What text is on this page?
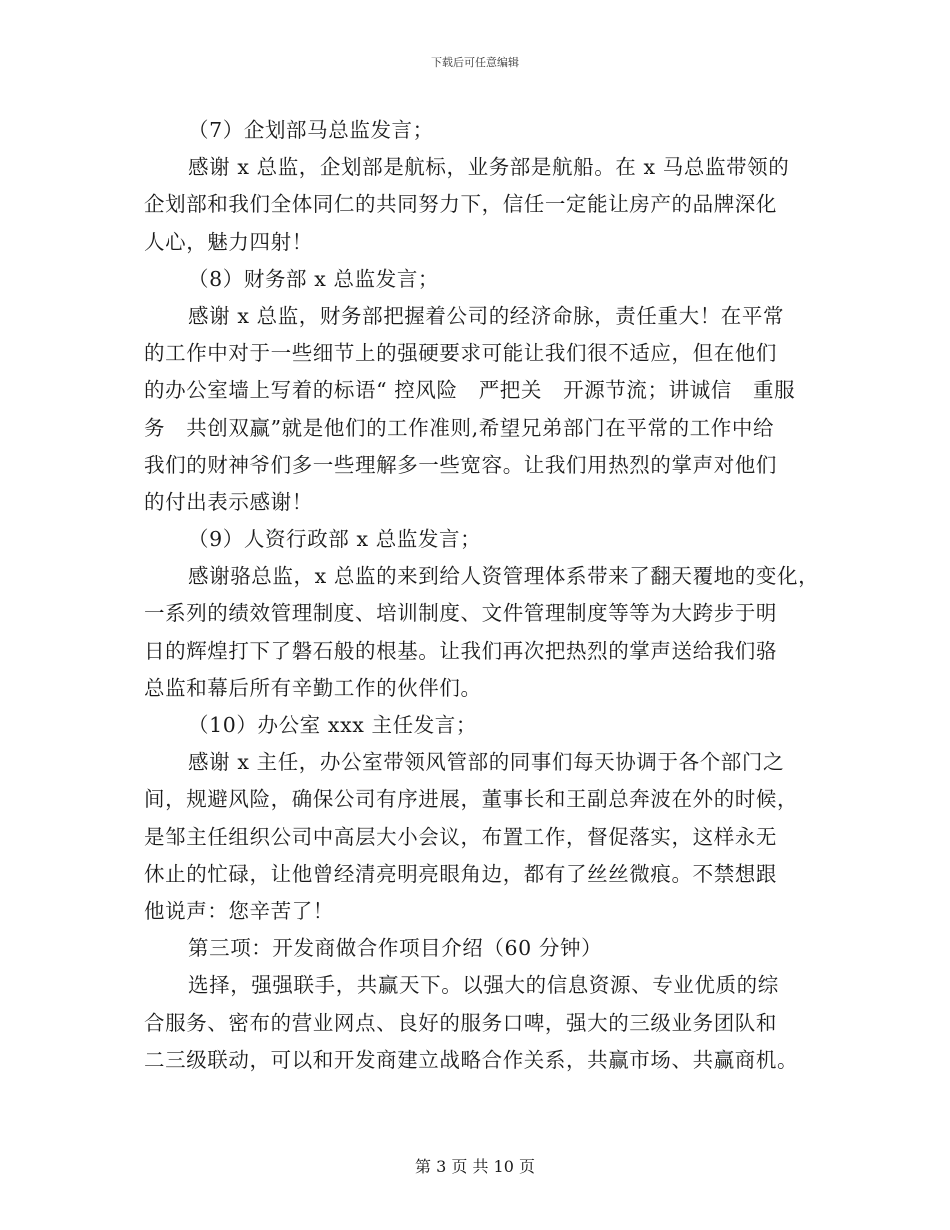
下载后可任意编辑
（7）企划部马总监发言；
感谢 x 总监，企划部是航标，业务部是航船。在 x 马总监带领的
企划部和我们全体同仁的共同努力下，信任一定能让房产的品牌深化
人心，魅力四射！
（8）财务部 x 总监发言；
感谢 x 总监，财务部把握着公司的经济命脉，责任重大！在平常
的工作中对于一些细节上的强硬要求可能让我们很不适应，但在他们
的办公室墙上写着的标语“ 控风险　严把关　开源节流；讲诚信　重服
务　共创双赢”就是他们的工作准则,希望兄弟部门在平常的工作中给
我们的财神爷们多一些理解多一些宽容。让我们用热烈的掌声对他们
的付出表示感谢！
（9）人资行政部 x 总监发言；
感谢骆总监，x 总监的来到给人资管理体系带来了翻天覆地的变化，
一系列的绩效管理制度、培训制度、文件管理制度等等为大跨步于明
日的辉煌打下了磐石般的根基。让我们再次把热烈的掌声送给我们骆
总监和幕后所有辛勤工作的伙伴们。
（10）办公室 xxx 主任发言；
感谢 x 主任，办公室带领风管部的同事们每天协调于各个部门之
间，规避风险，确保公司有序进展，董事长和王副总奔波在外的时候，
是邹主任组织公司中高层大小会议，布置工作，督促落实，这样永无
休止的忙碌，让他曾经清亮明亮眼角边，都有了丝丝微痕。不禁想跟
他说声：您辛苦了！
第三项：开发商做合作项目介绍（60 分钟）
选择，强强联手，共赢天下。以强大的信息资源、专业优质的综
合服务、密布的营业网点、良好的服务口啤，强大的三级业务团队和
二三级联动，可以和开发商建立战略合作关系，共赢市场、共赢商机。
第 3 页 共 10 页
